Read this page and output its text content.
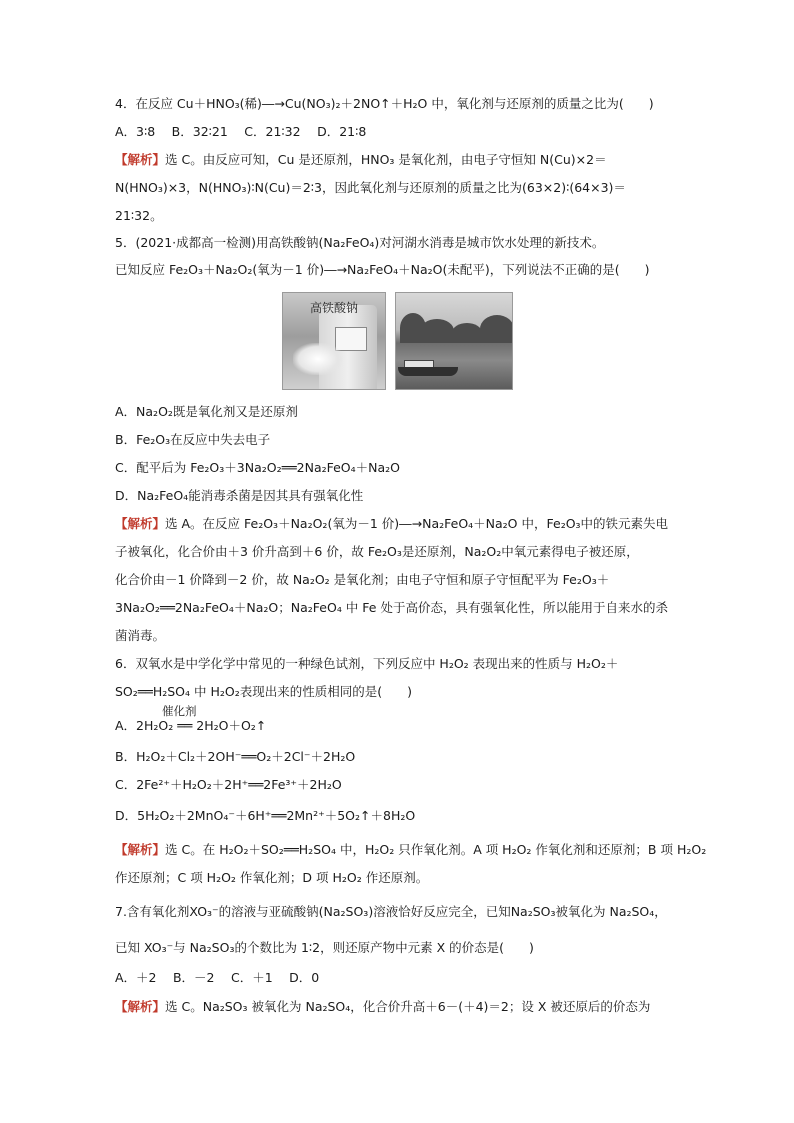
4．在反应 Cu＋HNO₃(稀)―→Cu(NO₃)₂＋2NO↑＋H₂O 中，氧化剂与还原剂的质量之比为(　　)
A．3∶8　 B．32∶21　 C．21∶32　 D．21∶8
【解析】选 C。由反应可知，Cu 是还原剂，HNO₃ 是氧化剂，由电子守恒知 N(Cu)×2＝
N(HNO₃)×3，N(HNO₃)∶N(Cu)＝2∶3，因此氧化剂与还原剂的质量之比为(63×2)∶(64×3)＝
21∶32。
5．(2021·成都高一检测)用高铁酸钠(Na₂FeO₄)对河湖水消毒是城市饮水处理的新技术。
已知反应 Fe₂O₃＋Na₂O₂(氧为－1 价)―→Na₂FeO₄＋Na₂O(未配平)，下列说法不正确的是(　　)
高铁酸钠
A．Na₂O₂既是氧化剂又是还原剂
B．Fe₂O₃在反应中失去电子
C．配平后为 Fe₂O₃＋3Na₂O₂══2Na₂FeO₄＋Na₂O
D．Na₂FeO₄能消毒杀菌是因其具有强氧化性
【解析】选 A。在反应 Fe₂O₃＋Na₂O₂(氧为－1 价)―→Na₂FeO₄＋Na₂O 中，Fe₂O₃中的铁元素失电
子被氧化，化合价由＋3 价升高到＋6 价，故 Fe₂O₃是还原剂，Na₂O₂中氧元素得电子被还原，
化合价由－1 价降到－2 价，故 Na₂O₂ 是氧化剂；由电子守恒和原子守恒配平为 Fe₂O₃＋
3Na₂O₂══2Na₂FeO₄＋Na₂O；Na₂FeO₄ 中 Fe 处于高价态，具有强氧化性，所以能用于自来水的杀
菌消毒。
6．双氧水是中学化学中常见的一种绿色试剂，下列反应中 H₂O₂ 表现出来的性质与 H₂O₂＋
SO₂══H₂SO₄ 中 H₂O₂表现出来的性质相同的是(　　)
催化剂
A．2H₂O₂ ══ 2H₂O＋O₂↑
B．H₂O₂＋Cl₂＋2OH⁻══O₂＋2Cl⁻＋2H₂O
C．2Fe²⁺＋H₂O₂＋2H⁺══2Fe³⁺＋2H₂O
D．5H₂O₂＋2MnO₄⁻＋6H⁺══2Mn²⁺＋5O₂↑＋8H₂O
【解析】选 C。在 H₂O₂＋SO₂══H₂SO₄ 中，H₂O₂ 只作氧化剂。A 项 H₂O₂ 作氧化剂和还原剂；B 项 H₂O₂
作还原剂；C 项 H₂O₂ 作氧化剂；D 项 H₂O₂ 作还原剂。
7.含有氧化剂XO₃⁻的溶液与亚硫酸钠(Na₂SO₃)溶液恰好反应完全，已知Na₂SO₃被氧化为 Na₂SO₄，
已知 XO₃⁻与 Na₂SO₃的个数比为 1∶2，则还原产物中元素 X 的价态是(　　)
A．＋2　 B．－2　 C．＋1　 D．0
【解析】选 C。Na₂SO₃ 被氧化为 Na₂SO₄，化合价升高＋6－(＋4)＝2；设 X 被还原后的价态为
